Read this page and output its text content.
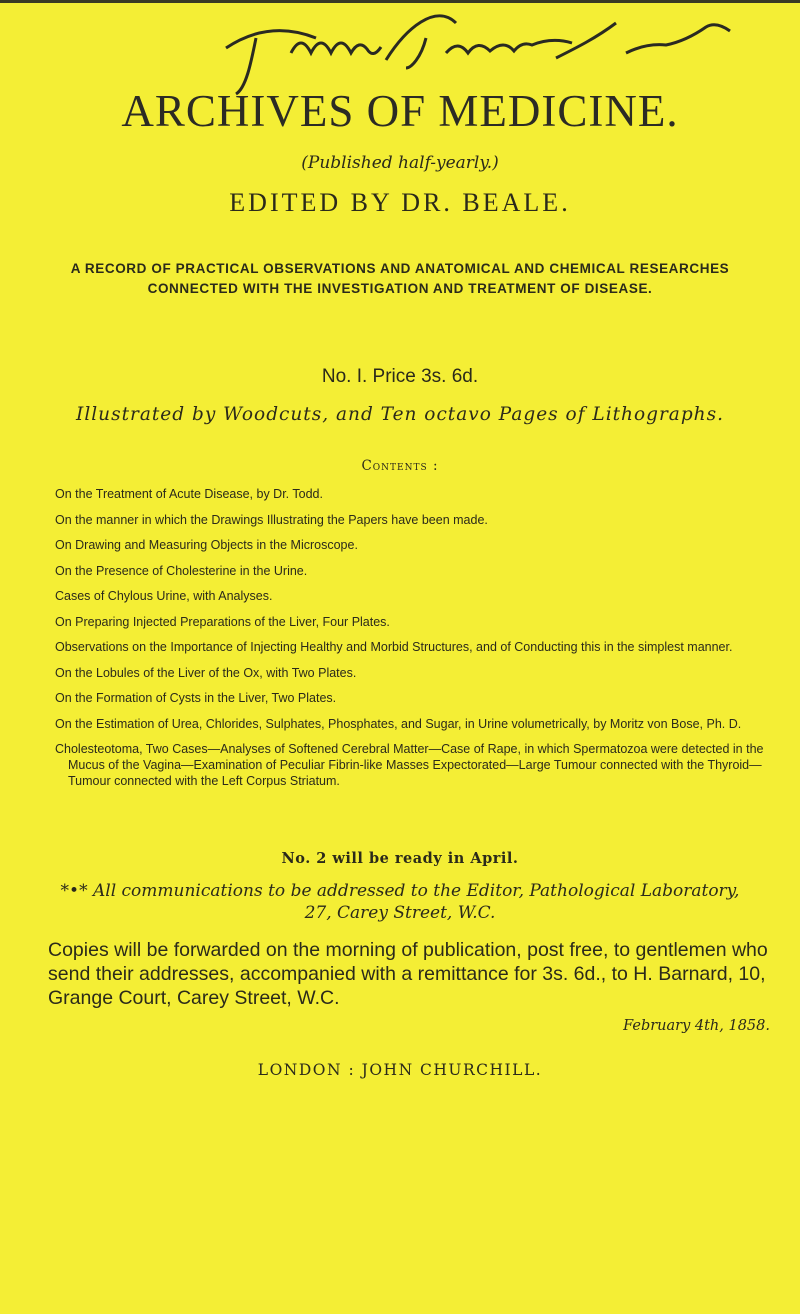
ARCHIVES OF MEDICINE.
(Published half-yearly.)
EDITED BY DR. BEALE.
A RECORD OF PRACTICAL OBSERVATIONS AND ANATOMICAL AND CHEMICAL RESEARCHES CONNECTED WITH THE INVESTIGATION AND TREATMENT OF DISEASE.
No. I. Price 3s. 6d.
Illustrated by Woodcuts, and Ten octavo Pages of Lithographs.
Contents :
On the Treatment of Acute Disease, by Dr. Todd.
On the manner in which the Drawings Illustrating the Papers have been made.
On Drawing and Measuring Objects in the Microscope.
On the Presence of Cholesterine in the Urine.
Cases of Chylous Urine, with Analyses.
On Preparing Injected Preparations of the Liver, Four Plates.
Observations on the Importance of Injecting Healthy and Morbid Structures, and of Conducting this in the simplest manner.
On the Lobules of the Liver of the Ox, with Two Plates.
On the Formation of Cysts in the Liver, Two Plates.
On the Estimation of Urea, Chlorides, Sulphates, Phosphates, and Sugar, in Urine volumetrically, by Moritz von Bose, Ph. D.
Cholesteotoma, Two Cases—Analyses of Softened Cerebral Matter—Case of Rape, in which Spermatozoa were detected in the Mucus of the Vagina—Examination of Peculiar Fibrin-like Masses Expectorated—Large Tumour connected with the Thyroid—Tumour connected with the Left Corpus Striatum.
No. 2 will be ready in April.
*•* All communications to be addressed to the Editor, Pathological Laboratory,
27, Carey Street, W.C.
Copies will be forwarded on the morning of publication, post free, to gentlemen who send their addresses, accompanied with a remittance for 3s. 6d., to H. Barnard, 10, Grange Court, Carey Street, W.C.
February 4th, 1858.
LONDON : JOHN CHURCHILL.
